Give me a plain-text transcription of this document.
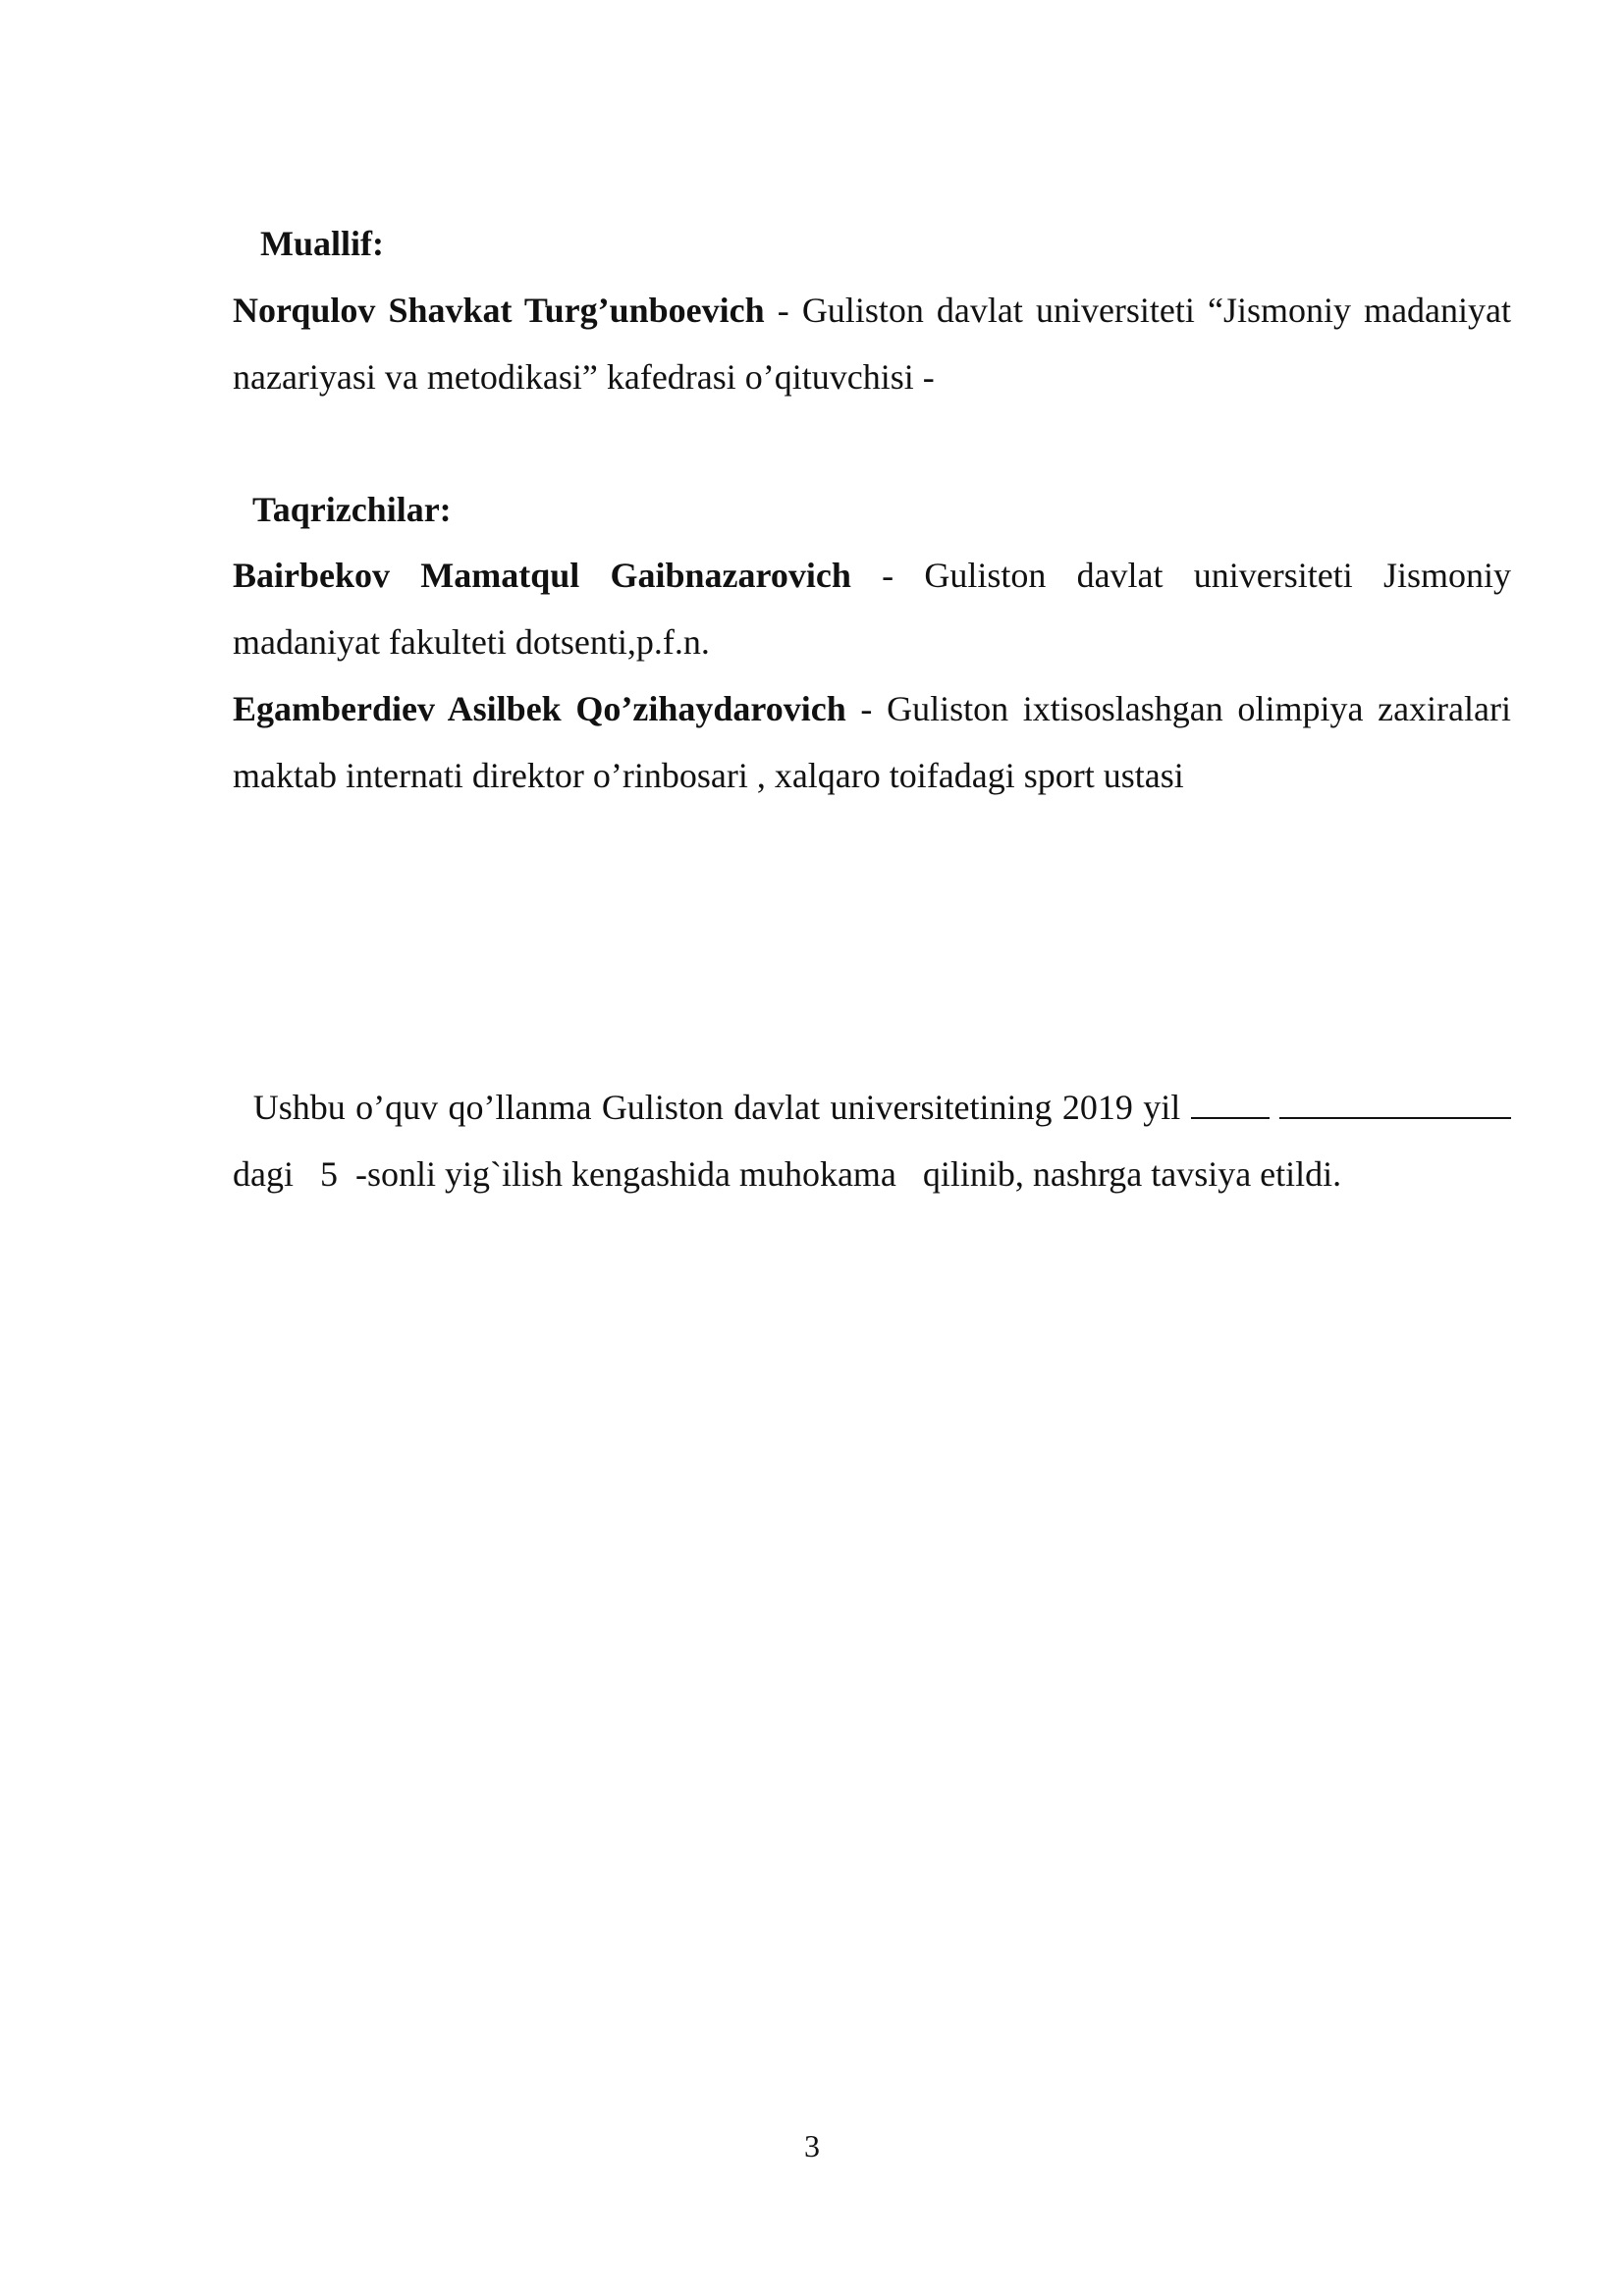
Muallif:

Norqulov Shavkat Turg’unboevich - Guliston davlat universiteti “Jismoniy madaniyat nazariyasi va metodikasi” kafedrasi o’qituvchisi -

Taqrizchilar:

Bairbekov Mamatqul Gaibnazarovich - Guliston davlat universiteti Jismoniy madaniyat fakulteti dotsenti,p.f.n.

Egamberdiev Asilbek Qo’zihaydarovich - Guliston ixtisoslashgan olimpiya zaxiralari maktab internati direktor o’rinbosari , xalqaro toifadagi sport ustasi

Ushbu o’quv qo’llanma Guliston davlat universitetining 2019 yil	dagi   5  -sonli yig`ilish kengashida muhokama   qilinib, nashrga tavsiya etildi.

3
